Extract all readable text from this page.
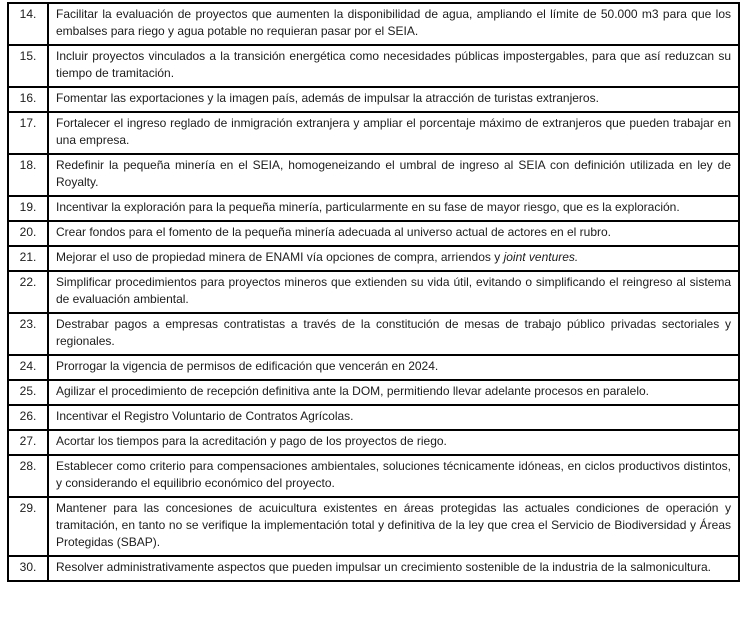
14.	Facilitar la evaluación de proyectos que aumenten la disponibilidad de agua, ampliando el límite de 50.000 m3 para que los embalses para riego y agua potable no requieran pasar por el SEIA.
15.	Incluir proyectos vinculados a la transición energética como necesidades públicas impostergables, para que así reduzcan su tiempo de tramitación.
16.	Fomentar las exportaciones y la imagen país, además de impulsar la atracción de turistas extranjeros.
17.	Fortalecer el ingreso reglado de inmigración extranjera y ampliar el porcentaje máximo de extranjeros que pueden trabajar en una empresa.
18.	Redefinir la pequeña minería en el SEIA, homogeneizando el umbral de ingreso al SEIA con definición utilizada en ley de Royalty.
19.	Incentivar la exploración para la pequeña minería, particularmente en su fase de mayor riesgo, que es la exploración.
20.	Crear fondos para el fomento de la pequeña minería adecuada al universo actual de actores en el rubro.
21.	Mejorar el uso de propiedad minera de ENAMI vía opciones de compra, arriendos y joint ventures.
22.	Simplificar procedimientos para proyectos mineros que extienden su vida útil, evitando o simplificando el reingreso al sistema de evaluación ambiental.
23.	Destrabar pagos a empresas contratistas a través de la constitución de mesas de trabajo público privadas sectoriales y regionales.
24.	Prorrogar la vigencia de permisos de edificación que vencerán en 2024.
25.	Agilizar el procedimiento de recepción definitiva ante la DOM, permitiendo llevar adelante procesos en paralelo.
26.	Incentivar el Registro Voluntario de Contratos Agrícolas.
27.	Acortar los tiempos para la acreditación y pago de los proyectos de riego.
28.	Establecer como criterio para compensaciones ambientales, soluciones técnicamente idóneas, en ciclos productivos distintos, y considerando el equilibrio económico del proyecto.
29.	Mantener para las concesiones de acuicultura existentes en áreas protegidas las actuales condiciones de operación y tramitación, en tanto no se verifique la implementación total y definitiva de la ley que crea el Servicio de Biodiversidad y Áreas Protegidas (SBAP).
30.	Resolver administrativamente aspectos que pueden impulsar un crecimiento sostenible de la industria de la salmonicultura.
